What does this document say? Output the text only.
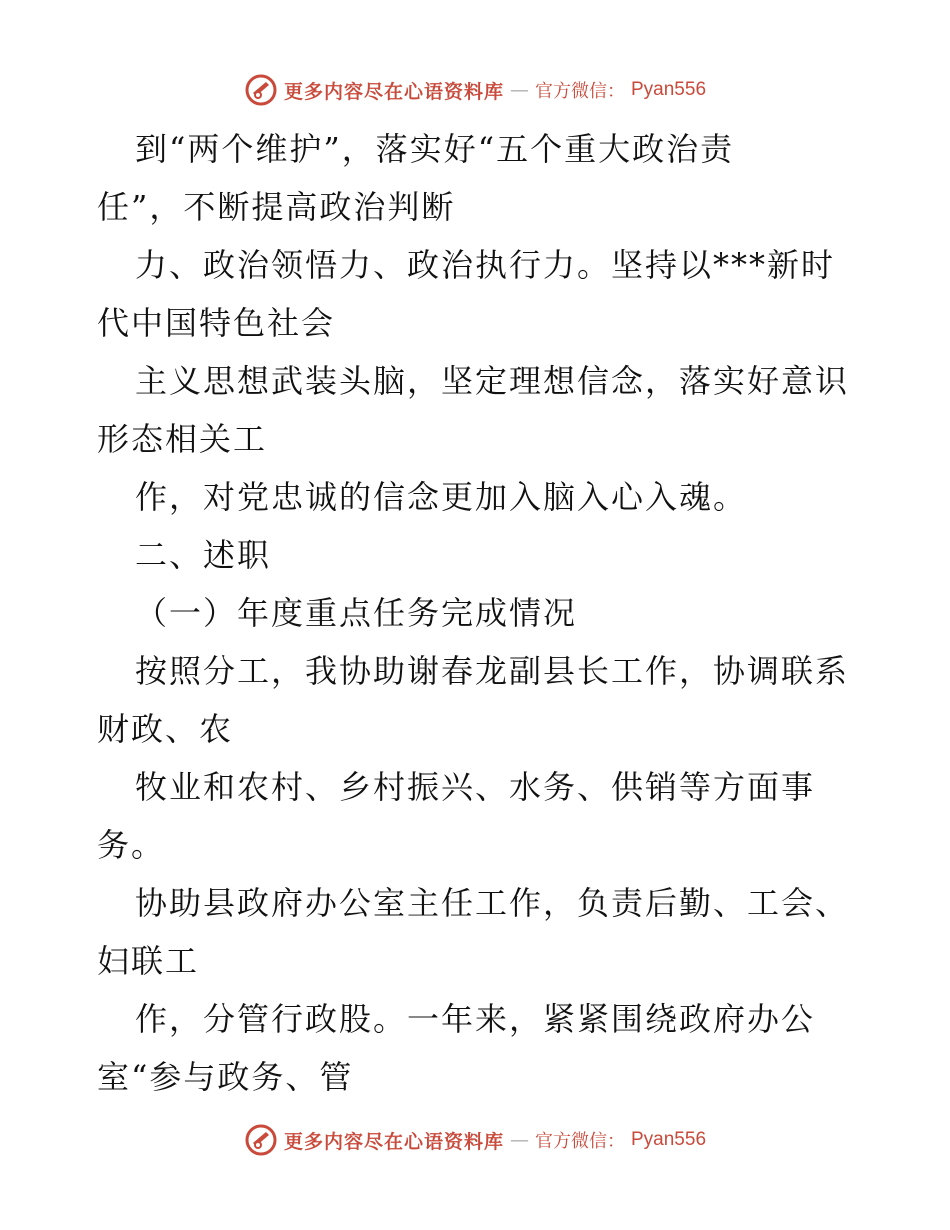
更多内容尽在心语资料库 — 官方微信： Pyan556
到“两个维护”，落实好“五个重大政治责
任”，不断提高政治判断
力、政治领悟力、政治执行力。坚持以***新时
代中国特色社会
主义思想武装头脑，坚定理想信念，落实好意识
形态相关工
作，对党忠诚的信念更加入脑入心入魂。
二、述职
（一）年度重点任务完成情况
按照分工，我协助谢春龙副县长工作，协调联系
财政、农
牧业和农村、乡村振兴、水务、供销等方面事
务。
协助县政府办公室主任工作，负责后勤、工会、
妇联工
作，分管行政股。一年来，紧紧围绕政府办公
室“参与政务、管
更多内容尽在心语资料库 — 官方微信： Pyan556
